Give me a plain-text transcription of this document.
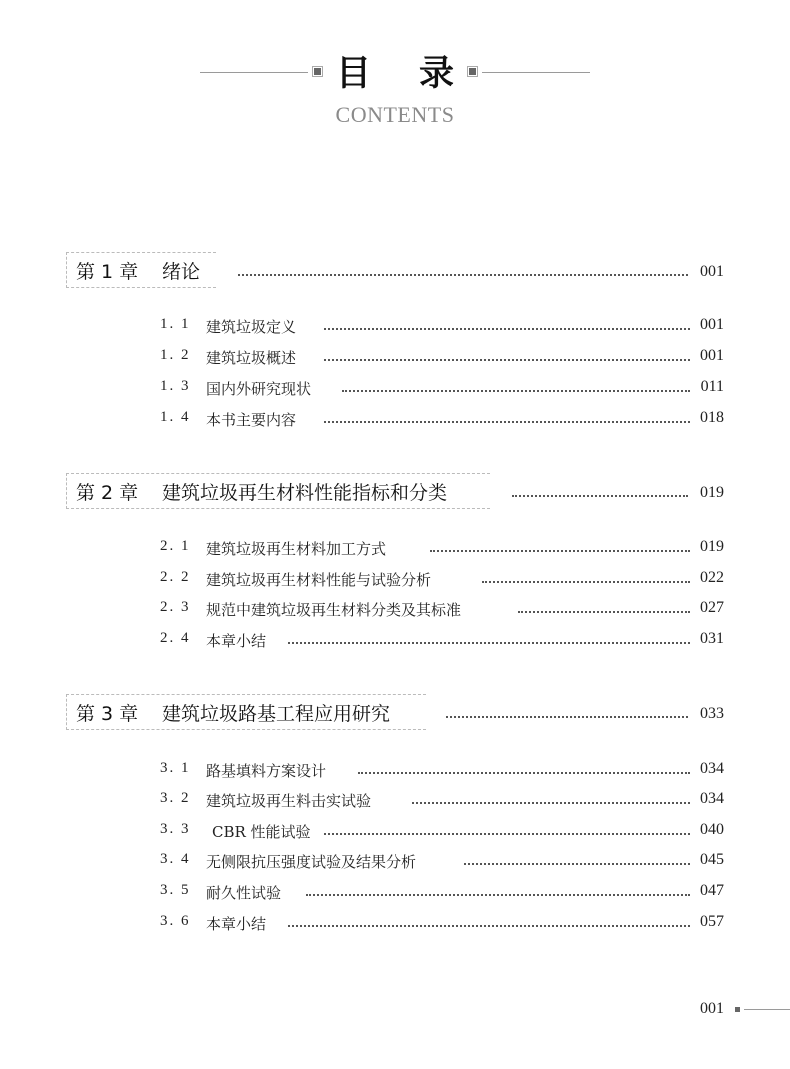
目 录
CONTENTS
第 1 章	绪论	001
1. 1 建筑垃圾定义	001
1. 2 建筑垃圾概述	001
1. 3 国内外研究现状	011
1. 4 本书主要内容	018
第 2 章	建筑垃圾再生材料性能指标和分类	019
2. 1 建筑垃圾再生材料加工方式	019
2. 2 建筑垃圾再生材料性能与试验分析	022
2. 3 规范中建筑垃圾再生材料分类及其标准	027
2. 4 本章小结	031
第 3 章	建筑垃圾路基工程应用研究	033
3. 1 路基填料方案设计	034
3. 2 建筑垃圾再生料击实试验	034
3. 3 CBR 性能试验	040
3. 4 无侧限抗压强度试验及结果分析	045
3. 5 耐久性试验	047
3. 6 本章小结	057
001
